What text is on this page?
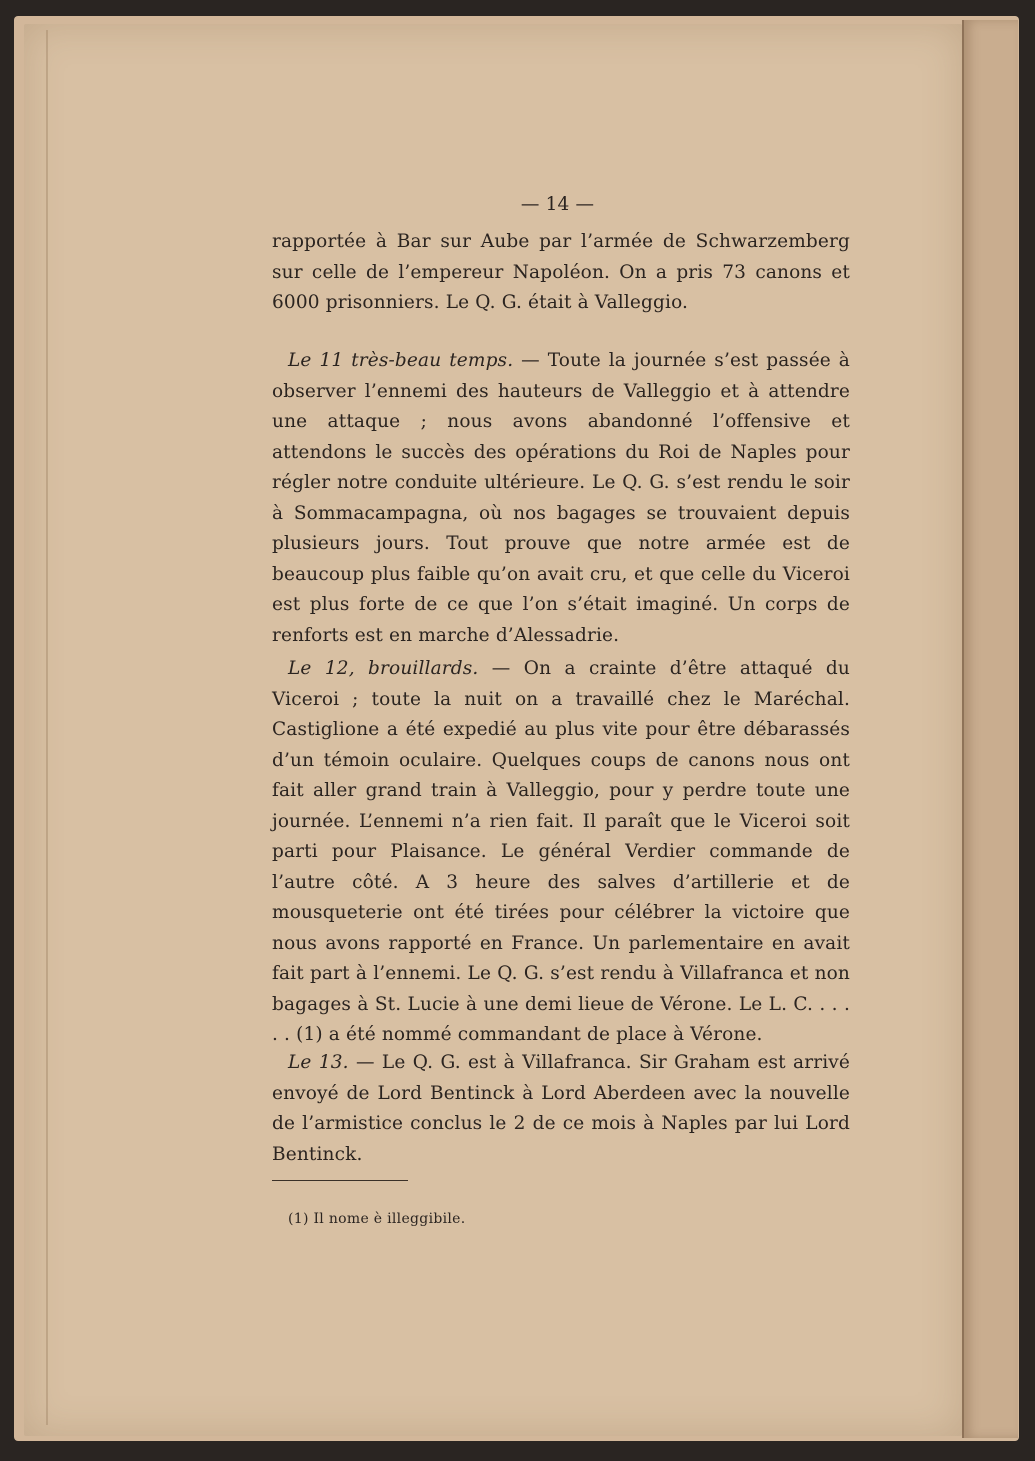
— 14 —

rapportée à Bar sur Aube par l’armée de Schwarzemberg sur celle de l’empereur Napoléon. On a pris 73 canons et 6000 prisonniers. Le Q. G. était à Valleggio.

Le 11 très-beau temps. — Toute la journée s’est passée à observer l’ennemi des hauteurs de Valleggio et à attendre une attaque ; nous avons abandonné l’offensive et attendons le succès des opérations du Roi de Naples pour régler notre conduite ultérieure. Le Q. G. s’est rendu le soir à Sommacampagna, où nos bagages se trouvaient depuis plusieurs jours. Tout prouve que notre armée est de beaucoup plus faible qu’on avait cru, et que celle du Viceroi est plus forte de ce que l’on s’était imaginé. Un corps de renforts est en marche d’Alessadrie.

Le 12, brouillards. — On a crainte d’être attaqué du Viceroi ; toute la nuit on a travaillé chez le Maréchal. Castiglione a été expedié au plus vite pour être débarassés d’un témoin oculaire. Quelques coups de canons nous ont fait aller grand train à Valleggio, pour y perdre toute une journée. L’ennemi n’a rien fait. Il paraît que le Viceroi soit parti pour Plaisance. Le général Verdier commande de l’autre côté. A 3 heure des salves d’artillerie et de mousqueterie ont été tirées pour célébrer la victoire que nous avons rapporté en France. Un parlementaire en avait fait part à l’ennemi. Le Q. G. s’est rendu à Villafranca et non bagages à St. Lucie à une demi lieue de Vérone. Le L. C. . . . . . (1) a été nommé commandant de place à Vérone.

Le 13. — Le Q. G. est à Villafranca. Sir Graham est arrivé envoyé de Lord Bentinck à Lord Aberdeen avec la nouvelle de l’armistice conclus le 2 de ce mois à Naples par lui Lord Bentinck.

(1) Il nome è illeggibile.
